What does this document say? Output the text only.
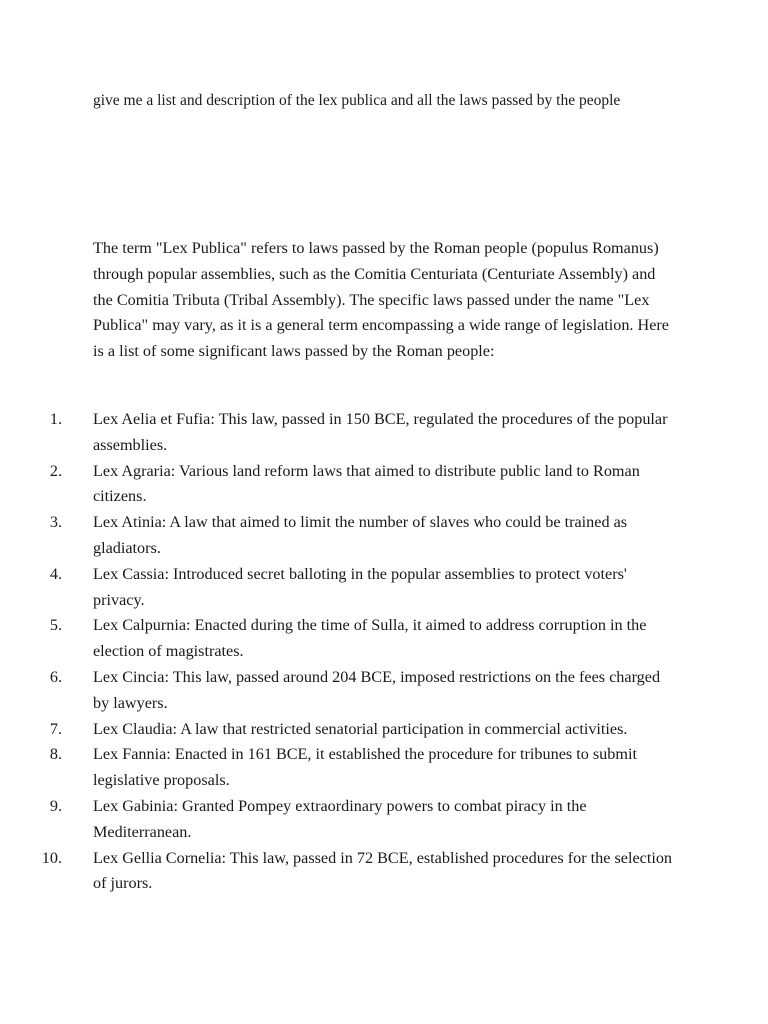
give me a list and description of the lex publica and all the laws passed by the people

The term "Lex Publica" refers to laws passed by the Roman people (populus Romanus) through popular assemblies, such as the Comitia Centuriata (Centuriate Assembly) and the Comitia Tributa (Tribal Assembly). The specific laws passed under the name "Lex Publica" may vary, as it is a general term encompassing a wide range of legislation. Here is a list of some significant laws passed by the Roman people:

1. Lex Aelia et Fufia: This law, passed in 150 BCE, regulated the procedures of the popular assemblies.
2. Lex Agraria: Various land reform laws that aimed to distribute public land to Roman citizens.
3. Lex Atinia: A law that aimed to limit the number of slaves who could be trained as gladiators.
4. Lex Cassia: Introduced secret balloting in the popular assemblies to protect voters' privacy.
5. Lex Calpurnia: Enacted during the time of Sulla, it aimed to address corruption in the election of magistrates.
6. Lex Cincia: This law, passed around 204 BCE, imposed restrictions on the fees charged by lawyers.
7. Lex Claudia: A law that restricted senatorial participation in commercial activities.
8. Lex Fannia: Enacted in 161 BCE, it established the procedure for tribunes to submit legislative proposals.
9. Lex Gabinia: Granted Pompey extraordinary powers to combat piracy in the Mediterranean.
10. Lex Gellia Cornelia: This law, passed in 72 BCE, established procedures for the selection of jurors.
